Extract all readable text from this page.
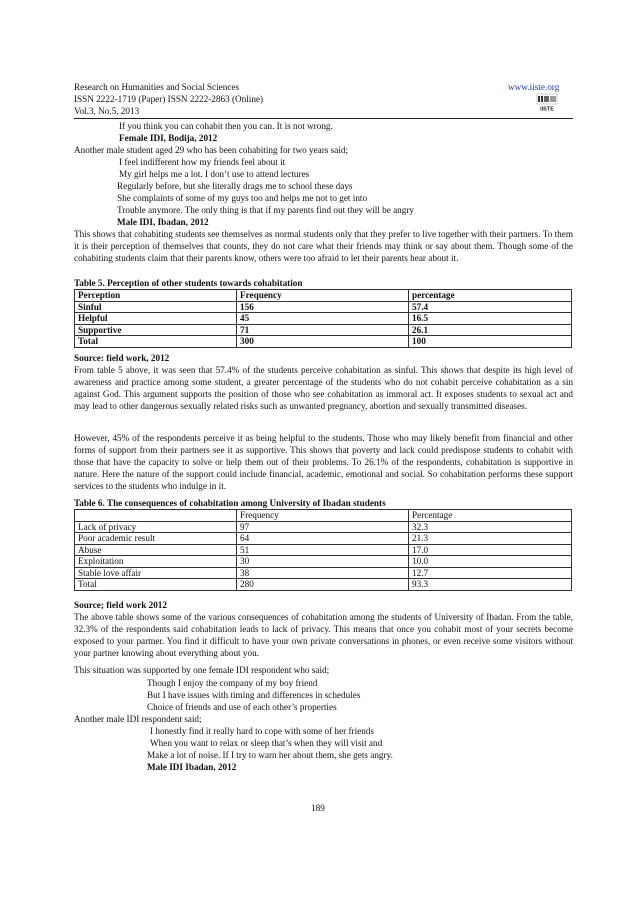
Research on Humanities and Social Sciences	www.iiste.org
ISSN 2222-1719 (Paper) ISSN 2222-2863 (Online)
Vol.3, No.5, 2013	IISTE
If you think you can cohabit then you can. It is not wrong.
Female IDI, Bodija, 2012
Another male student aged 29 who has been cohabiting for two years said;
I feel indifferent how my friends feel about it
My girl helps me a lot. I don’t use to attend lectures
Regularly before, but she literally drags me to school these days
She complaints of some of my guys too and helps me not to get into
Trouble anymore. The only thing is that if my parents find out they will be angry
Male IDI, Ibadan, 2012
This shows that cohabiting students see themselves as normal students only that they prefer to live together with their partners. To them it is their perception of themselves that counts, they do not care what their friends may think or say about them. Though some of the cohabiting students claim that their parents know, others were too afraid to let their parents hear about it.
Table 5. Perception of other students towards cohabitation
Perception	Frequency	percentage
Sinful	156	57.4
Helpful	45	16.5
Supportive	71	26.1
Total	300	100
Source: field work, 2012
From table 5 above, it was seen that 57.4% of the students perceive cohabitation as sinful. This shows that despite its high level of awareness and practice among some student, a greater percentage of the students who do not cohabit perceive cohabitation as a sin against God. This argument supports the position of those who see cohabitation as immoral act. It exposes students to sexual act and may lead to other dangerous sexually related risks such as unwanted pregnancy, abortion and sexually transmitted diseases.
However, 45% of the respondents perceive it as being helpful to the students. Those who may likely benefit from financial and other forms of support from their partners see it as supportive. This shows that poverty and lack could predispose students to cohabit with those that have the capacity to solve or help them out of their problems. To 26.1% of the respondents, cohabitation is supportive in nature. Here the nature of the support could include financial, academic, emotional and social. So cohabitation performs these support services to the students who indulge in it.
Table 6. The consequences of cohabitation among University of Ibadan students
	Frequency	Percentage
Lack of privacy	97	32.3
Poor academic result	64	21.3
Abuse	51	17.0
Exploitation	30	10.0
Stable love affair	38	12.7
Total	280	93.3
Source; field work 2012
The above table shows some of the various consequences of cohabitation among the students of University of Ibadan. From the table, 32.3% of the respondents said cohabitation leads to lack of privacy. This means that once you cohabit most of your secrets become exposed to your partner. You find it difficult to have your own private conversations in phones, or even receive some visitors without your partner knowing about everything about you.
This situation was supported by one female IDI respondent who said;
Though I enjoy the company of my boy friend
But I have issues with timing and differences in schedules
Choice of friends and use of each other’s properties
Another male IDI respondent said;
I honestly find it really hard to cope with some of her friends
When you want to relax or sleep that’s when they will visit and
Make a lot of noise. If I try to warn her about them, she gets angry.
Male IDI Ibadan, 2012
189
